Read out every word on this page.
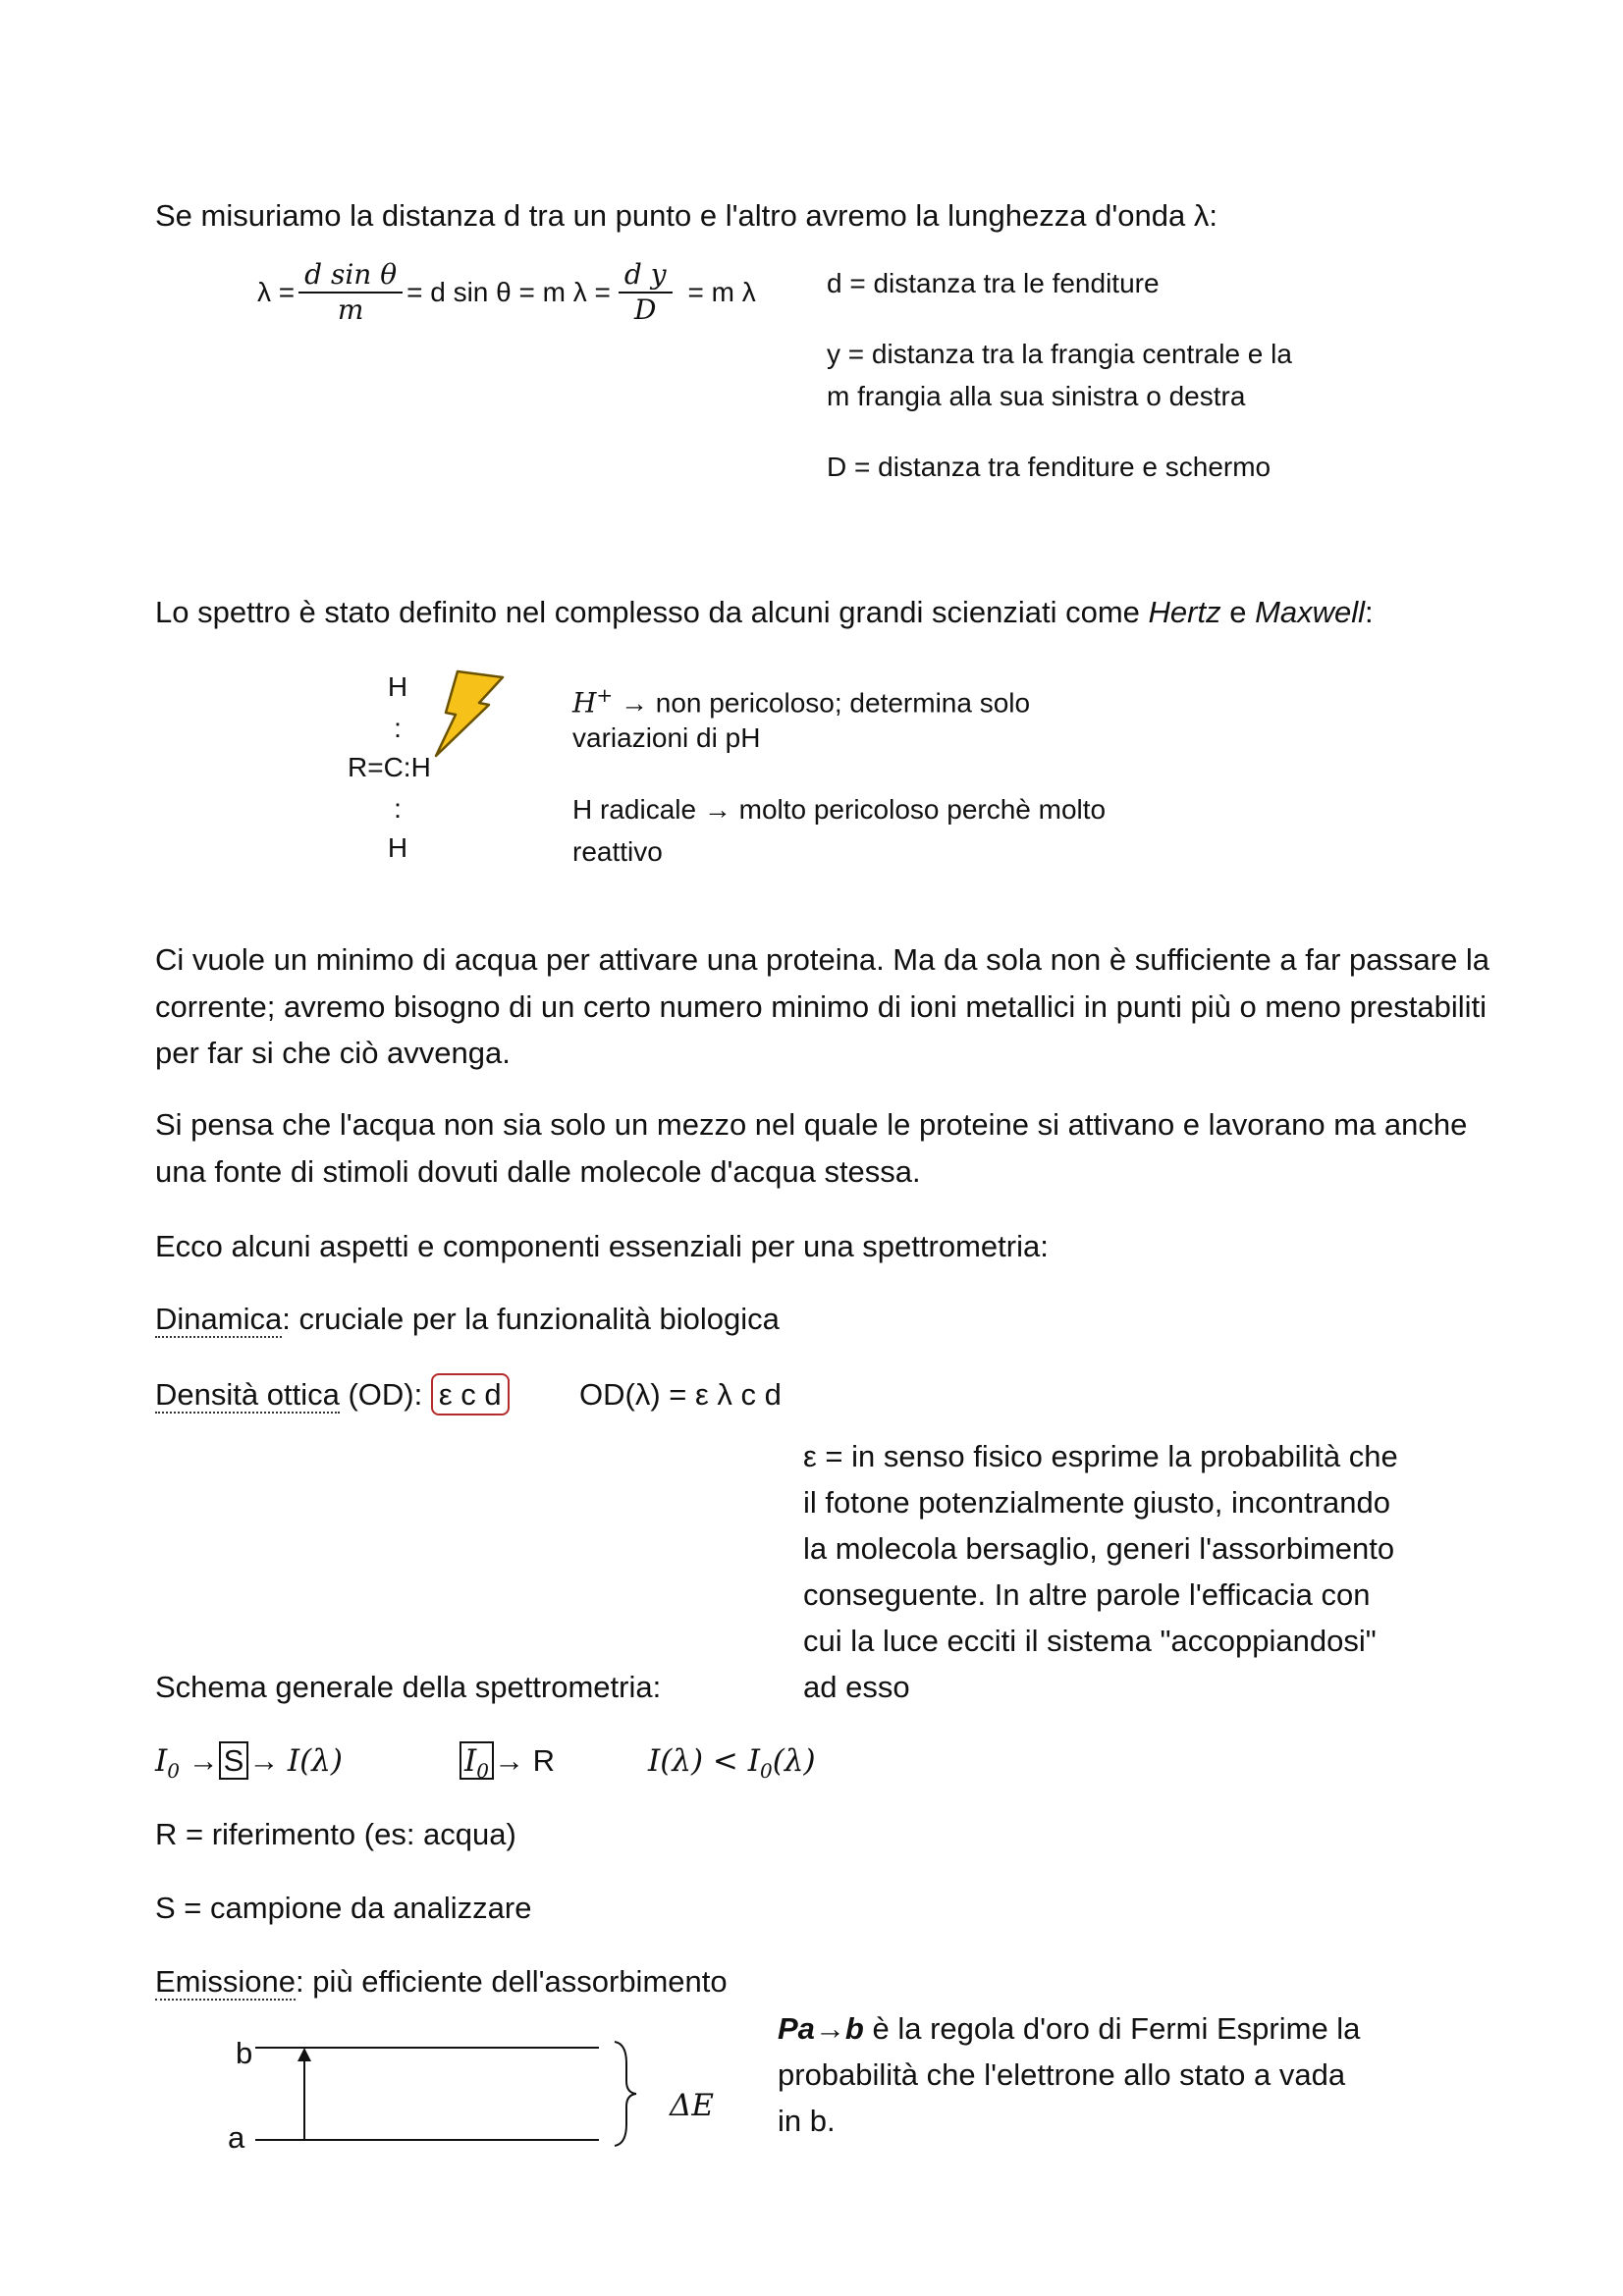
Se misuriamo la distanza d tra un punto e l'altro avremo la lunghezza d'onda λ:
$\lambda = \frac{\text{d sin θ}}{m} = d$ sin θ = m $\lambda = \frac{\text{d y}}{D} = m$ λ	d = distanza tra le fenditure
y = distanza tra la frangia centrale e la
m frangia alla sua sinistra o destra
D = distanza tra fenditure e schermo
Lo spettro è stato definito nel complesso da alcuni grandi scienziati come Hertz e Maxwell:
H
:
R=C:H
:
H
H+ → non pericoloso; determina solo
variazioni di pH
H radicale → molto pericoloso perchè molto
reattivo
Ci vuole un minimo di acqua per attivare una proteina. Ma da sola non è sufficiente a far passare la corrente; avremo bisogno di un certo numero minimo di ioni metallici in punti più o meno prestabiliti per far si che ciò avvenga.
Si pensa che l'acqua non sia solo un mezzo nel quale le proteine si attivano e lavorano ma anche una fonte di stimoli dovuti dalle molecole d'acqua stessa.
Ecco alcuni aspetti e componenti essenziali per una spettrometria:
Dinamica: cruciale per la funzionalità biologica
Densità ottica (OD): ε c d	OD(λ) = ε λ c d
ε = in senso fisico esprime la probabilità che
il fotone potenzialmente giusto, incontrando
la molecola bersaglio, generi l'assorbimento
conseguente. In altre parole l'efficacia con
cui la luce ecciti il sistema "accoppiandosi"
ad esso
Schema generale della spettrometria:
$I_0 \to S \to I(\lambda)$	$I_0 \to R$	$I(\lambda) < I_0(\lambda)$
R = riferimento (es: acqua)
S = campione da analizzare
Emissione: più efficiente dell'assorbimento
b
a
ΔE
Pa→b è la regola d'oro di Fermi Esprime la
probabilità che l'elettrone allo stato a vada
in b.
